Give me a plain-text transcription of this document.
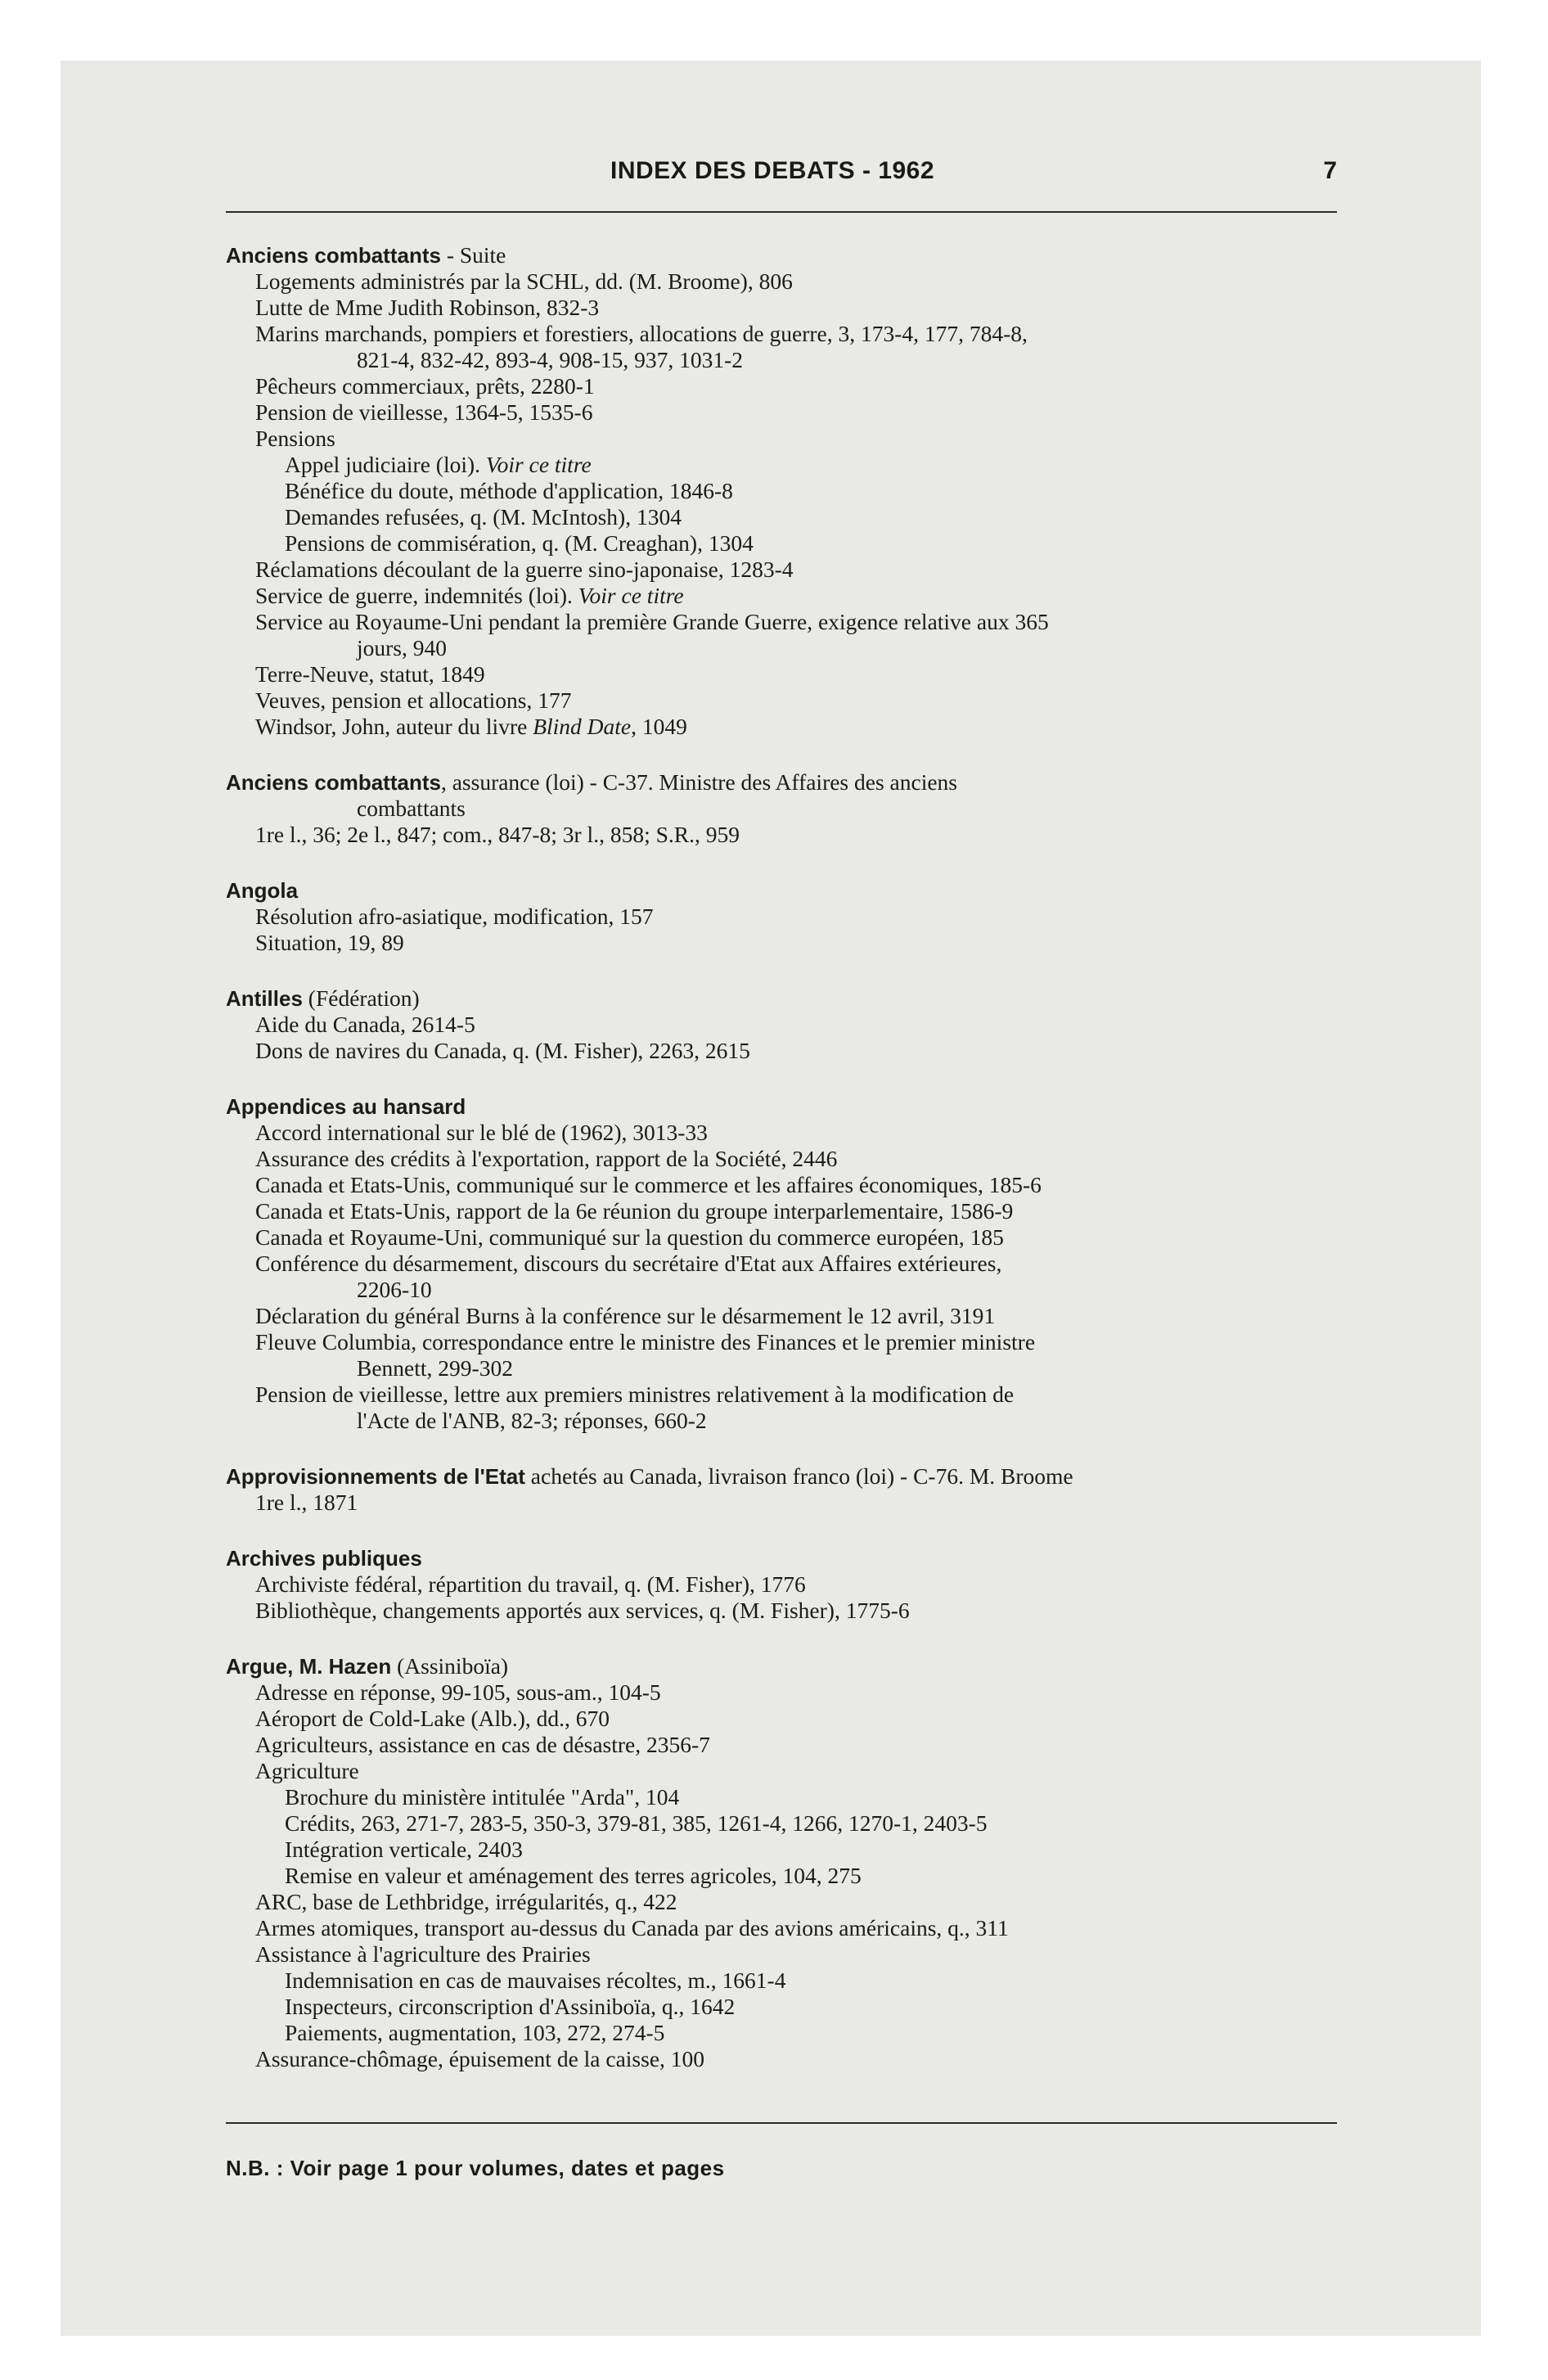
INDEX DES DEBATS - 1962	7
Anciens combattants - Suite
Logements administrés par la SCHL, dd. (M. Broome), 806
Lutte de Mme Judith Robinson, 832-3
Marins marchands, pompiers et forestiers, allocations de guerre, 3, 173-4, 177, 784-8,
821-4, 832-42, 893-4, 908-15, 937, 1031-2
Pêcheurs commerciaux, prêts, 2280-1
Pension de vieillesse, 1364-5, 1535-6
Pensions
Appel judiciaire (loi). Voir ce titre
Bénéfice du doute, méthode d'application, 1846-8
Demandes refusées, q. (M. McIntosh), 1304
Pensions de commisération, q. (M. Creaghan), 1304
Réclamations découlant de la guerre sino-japonaise, 1283-4
Service de guerre, indemnités (loi). Voir ce titre
Service au Royaume-Uni pendant la première Grande Guerre, exigence relative aux 365
jours, 940
Terre-Neuve, statut, 1849
Veuves, pension et allocations, 177
Windsor, John, auteur du livre Blind Date, 1049
Anciens combattants, assurance (loi) - C-37. Ministre des Affaires des anciens
combattants
1re l., 36; 2e l., 847; com., 847-8; 3r l., 858; S.R., 959
Angola
Résolution afro-asiatique, modification, 157
Situation, 19, 89
Antilles (Fédération)
Aide du Canada, 2614-5
Dons de navires du Canada, q. (M. Fisher), 2263, 2615
Appendices au hansard
Accord international sur le blé de (1962), 3013-33
Assurance des crédits à l'exportation, rapport de la Société, 2446
Canada et Etats-Unis, communiqué sur le commerce et les affaires économiques, 185-6
Canada et Etats-Unis, rapport de la 6e réunion du groupe interparlementaire, 1586-9
Canada et Royaume-Uni, communiqué sur la question du commerce européen, 185
Conférence du désarmement, discours du secrétaire d'Etat aux Affaires extérieures,
2206-10
Déclaration du général Burns à la conférence sur le désarmement le 12 avril, 3191
Fleuve Columbia, correspondance entre le ministre des Finances et le premier ministre
Bennett, 299-302
Pension de vieillesse, lettre aux premiers ministres relativement à la modification de
l'Acte de l'ANB, 82-3; réponses, 660-2
Approvisionnements de l'Etat achetés au Canada, livraison franco (loi) - C-76. M. Broome
1re l., 1871
Archives publiques
Archiviste fédéral, répartition du travail, q. (M. Fisher), 1776
Bibliothèque, changements apportés aux services, q. (M. Fisher), 1775-6
Argue, M. Hazen (Assiniboïa)
Adresse en réponse, 99-105, sous-am., 104-5
Aéroport de Cold-Lake (Alb.), dd., 670
Agriculteurs, assistance en cas de désastre, 2356-7
Agriculture
Brochure du ministère intitulée "Arda", 104
Crédits, 263, 271-7, 283-5, 350-3, 379-81, 385, 1261-4, 1266, 1270-1, 2403-5
Intégration verticale, 2403
Remise en valeur et aménagement des terres agricoles, 104, 275
ARC, base de Lethbridge, irrégularités, q., 422
Armes atomiques, transport au-dessus du Canada par des avions américains, q., 311
Assistance à l'agriculture des Prairies
Indemnisation en cas de mauvaises récoltes, m., 1661-4
Inspecteurs, circonscription d'Assiniboïa, q., 1642
Paiements, augmentation, 103, 272, 274-5
Assurance-chômage, épuisement de la caisse, 100
N.B. : Voir page 1 pour volumes, dates et pages
